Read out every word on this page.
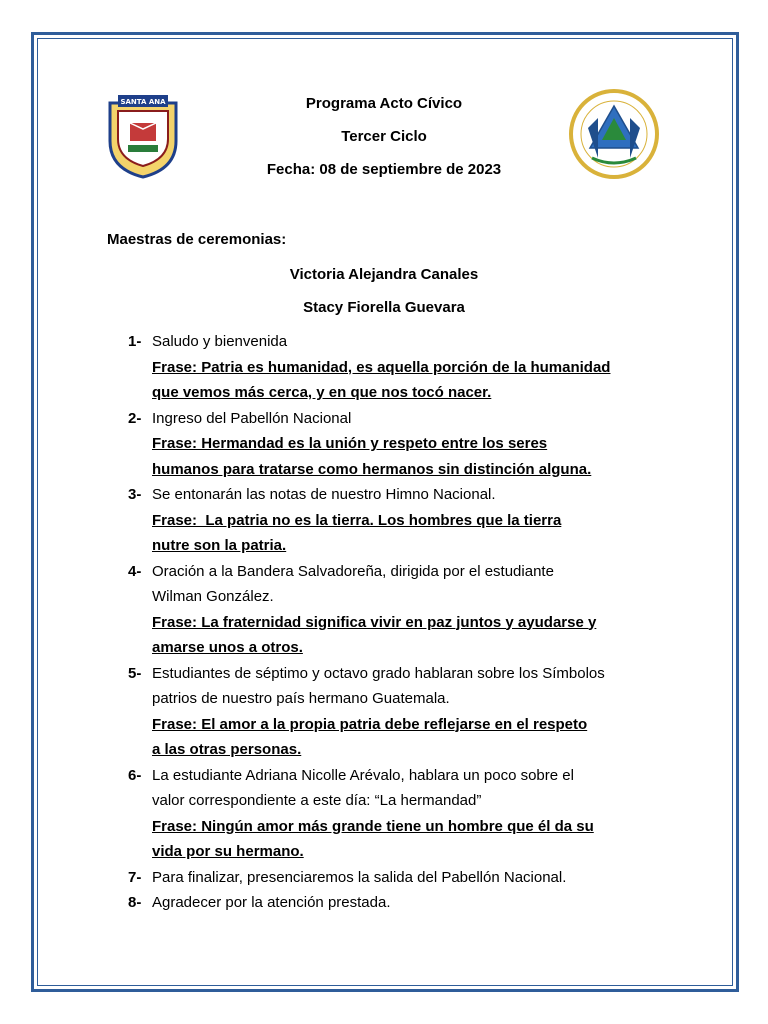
SANTA ANA	Programa Acto Cívico
Tercer Ciclo
Fecha: 08 de septiembre de 2023
Maestras de ceremonias:
Victoria Alejandra Canales
Stacy Fiorella Guevara
1- Saludo y bienvenida
Frase: Patria es humanidad, es aquella porción de la humanidad
que vemos más cerca, y en que nos tocó nacer.
2- Ingreso del Pabellón Nacional
Frase: Hermandad es la unión y respeto entre los seres
humanos para tratarse como hermanos sin distinción alguna.
3- Se entonarán las notas de nuestro Himno Nacional.
Frase:  La patria no es la tierra. Los hombres que la tierra
nutre son la patria.
4- Oración a la Bandera Salvadoreña, dirigida por el estudiante
Wilman González.
Frase: La fraternidad significa vivir en paz juntos y ayudarse y
amarse unos a otros.
5- Estudiantes de séptimo y octavo grado hablaran sobre los Símbolos
patrios de nuestro país hermano Guatemala.
Frase: El amor a la propia patria debe reflejarse en el respeto
a las otras personas.
6- La estudiante Adriana Nicolle Arévalo, hablara un poco sobre el
valor correspondiente a este día: “La hermandad”
Frase: Ningún amor más grande tiene un hombre que él da su
vida por su hermano.
7- Para finalizar, presenciaremos la salida del Pabellón Nacional.
8- Agradecer por la atención prestada.
